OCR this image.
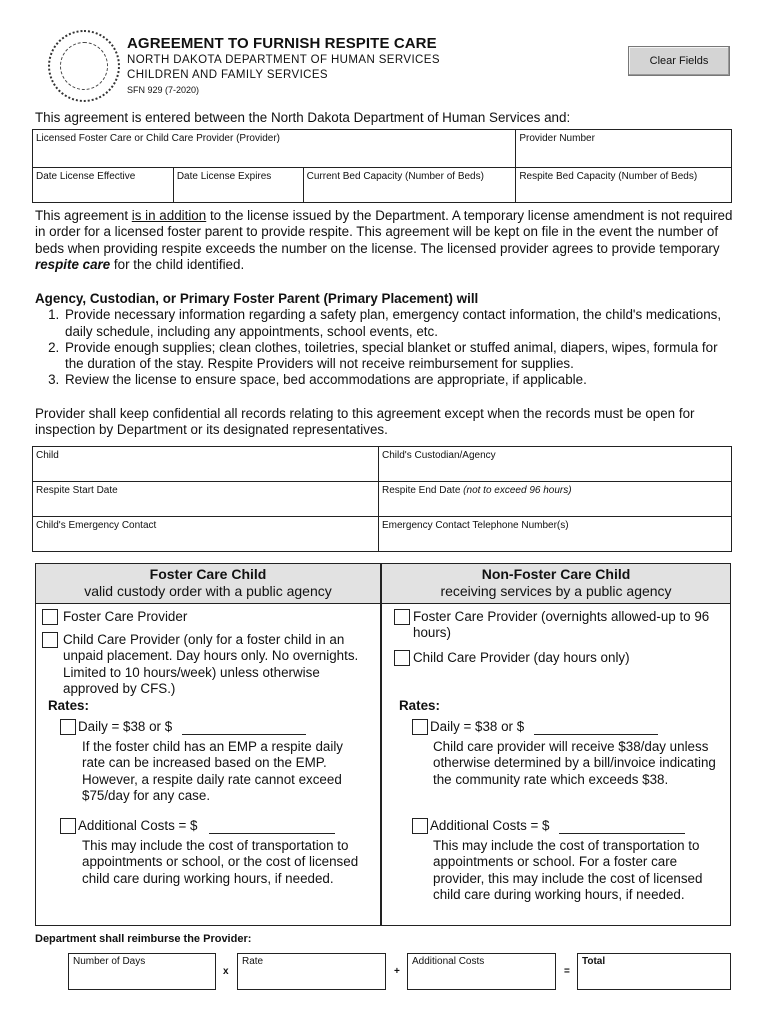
AGREEMENT TO FURNISH RESPITE CARE
NORTH DAKOTA DEPARTMENT OF HUMAN SERVICES
CHILDREN AND FAMILY SERVICES
SFN 929 (7-2020)
Clear Fields
This agreement is entered between the North Dakota Department of Human Services and:
Licensed Foster Care or Child Care Provider (Provider)			Provider Number
Date License Effective	Date License Expires	Current Bed Capacity (Number of Beds)	Respite Bed Capacity (Number of Beds)
This agreement is in addition to the license issued by the Department. A temporary license amendment is not required in order for a licensed foster parent to provide respite. This agreement will be kept on file in the event the number of beds when providing respite exceeds the number on the license. The licensed provider agrees to provide temporary respite care for the child identified.
Agency, Custodian, or Primary Foster Parent (Primary Placement) will
1. Provide necessary information regarding a safety plan, emergency contact information, the child's medications, daily schedule, including any appointments, school events, etc.
2. Provide enough supplies; clean clothes, toiletries, special blanket or stuffed animal, diapers, wipes, formula for the duration of the stay. Respite Providers will not receive reimbursement for supplies.
3. Review the license to ensure space, bed accommodations are appropriate, if applicable.
Provider shall keep confidential all records relating to this agreement except when the records must be open for inspection by Department or its designated representatives.
Child	Child's Custodian/Agency
Respite Start Date	Respite End Date (not to exceed 96 hours)
Child's Emergency Contact	Emergency Contact Telephone Number(s)
Foster Care Child
valid custody order with a public agency
Non-Foster Care Child
receiving services by a public agency
Foster Care Provider
Child Care Provider (only for a foster child in an unpaid placement. Day hours only. No overnights. Limited to 10 hours/week) unless otherwise approved by CFS.)
Rates:
Daily = $38 or $
If the foster child has an EMP a respite daily rate can be increased based on the EMP. However, a respite daily rate cannot exceed $75/day for any case.
Additional Costs = $
This may include the cost of transportation to appointments or school, or the cost of licensed child care during working hours, if needed.
Foster Care Provider (overnights allowed-up to 96 hours)
Child Care Provider (day hours only)
Rates:
Daily = $38 or $
Child care provider will receive $38/day unless otherwise determined by a bill/invoice indicating the community rate which exceeds $38.
Additional Costs = $
This may include the cost of transportation to appointments or school. For a foster care provider, this may include the cost of licensed child care during working hours, if needed.
Department shall reimburse the Provider:
Number of Days
x
Rate
+
Additional Costs
=
Total
